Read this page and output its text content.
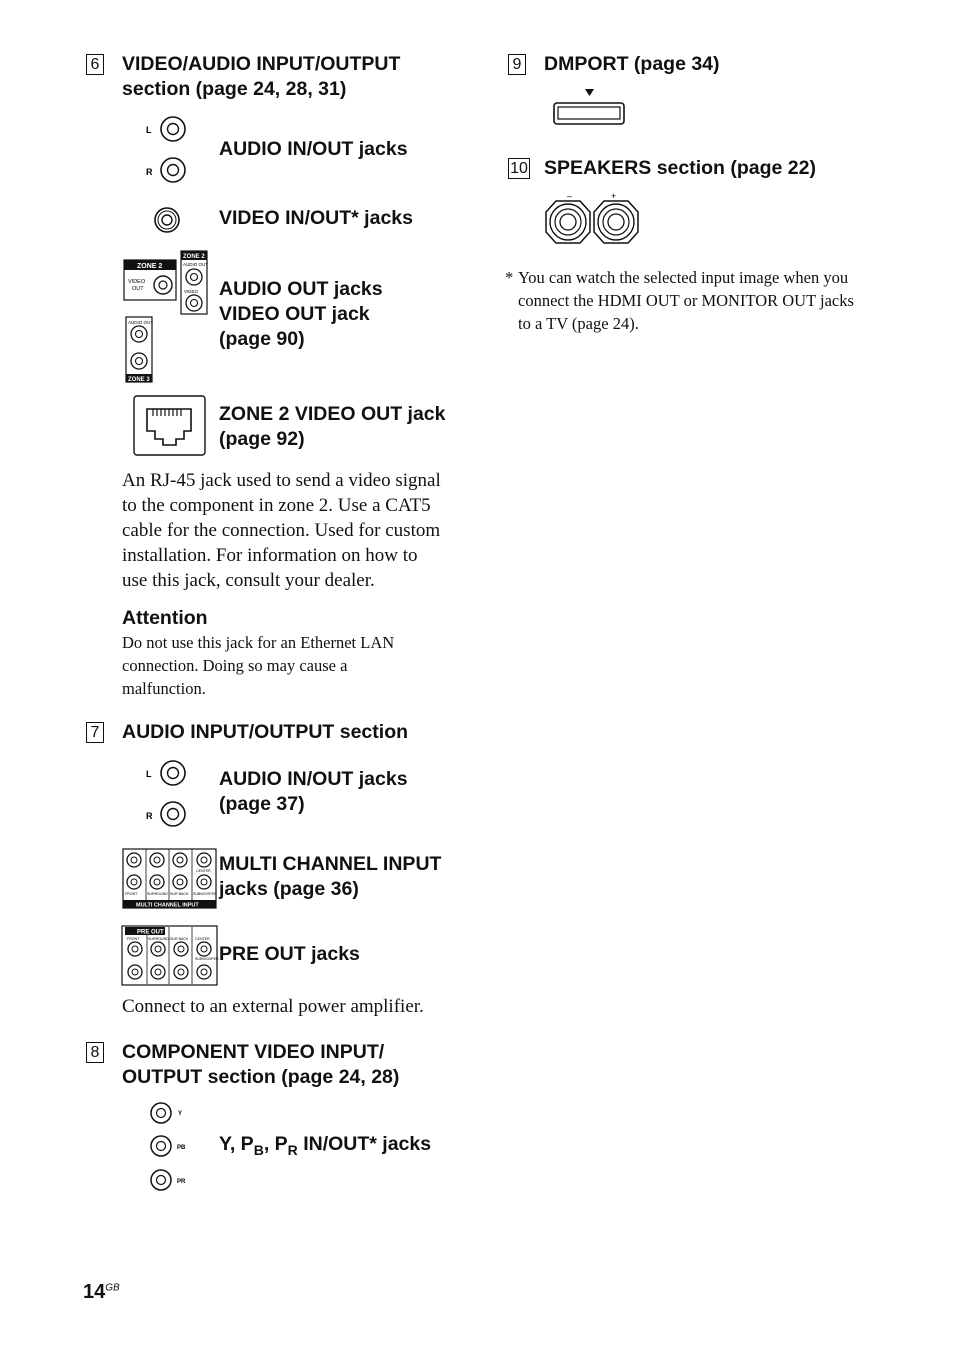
6 VIDEO/AUDIO INPUT/OUTPUT
section (page 24, 28, 31)
L
R
AUDIO IN/OUT jacks
VIDEO IN/OUT* jacks
ZONE 2
VIDEO
OUT
ZONE 2
AUDIO OUT
VIDEO
AUDIO OUT
ZONE 3
AUDIO OUT jacks
VIDEO OUT jack
(page 90)
ZONE 2 VIDEO OUT jack
(page 92)
An RJ-45 jack used to send a video signal
to the component in zone 2. Use a CAT5
cable for the connection. Used for custom
installation. For information on how to
use this jack, consult your dealer.
Attention
Do not use this jack for an Ethernet LAN
connection. Doing so may cause a
malfunction.
7 AUDIO INPUT/OUTPUT section
L
R
AUDIO IN/OUT jacks
(page 37)
FRONT	SURROUND SUR BACK SUBWOOFER
CENTER
MULTI CHANNEL INPUT
MULTI CHANNEL INPUT
jacks (page 36)
PRE OUT
FRONT SURROUND SUR BACK CENTER
SUBWOOFER PRE OUT jacks
Connect to an external power amplifier.
8 COMPONENT VIDEO INPUT/
OUTPUT section (page 24, 28)
Y
PB
PR
Y, $P_B$, $P_R$ IN/OUT* jacks
$14^{GB}$
9 DMPORT (page 34)
10 SPEAKERS section (page 22)
–	+
* You can watch the selected input image when you
connect the HDMI OUT or MONITOR OUT jacks
to a TV (page 24).
